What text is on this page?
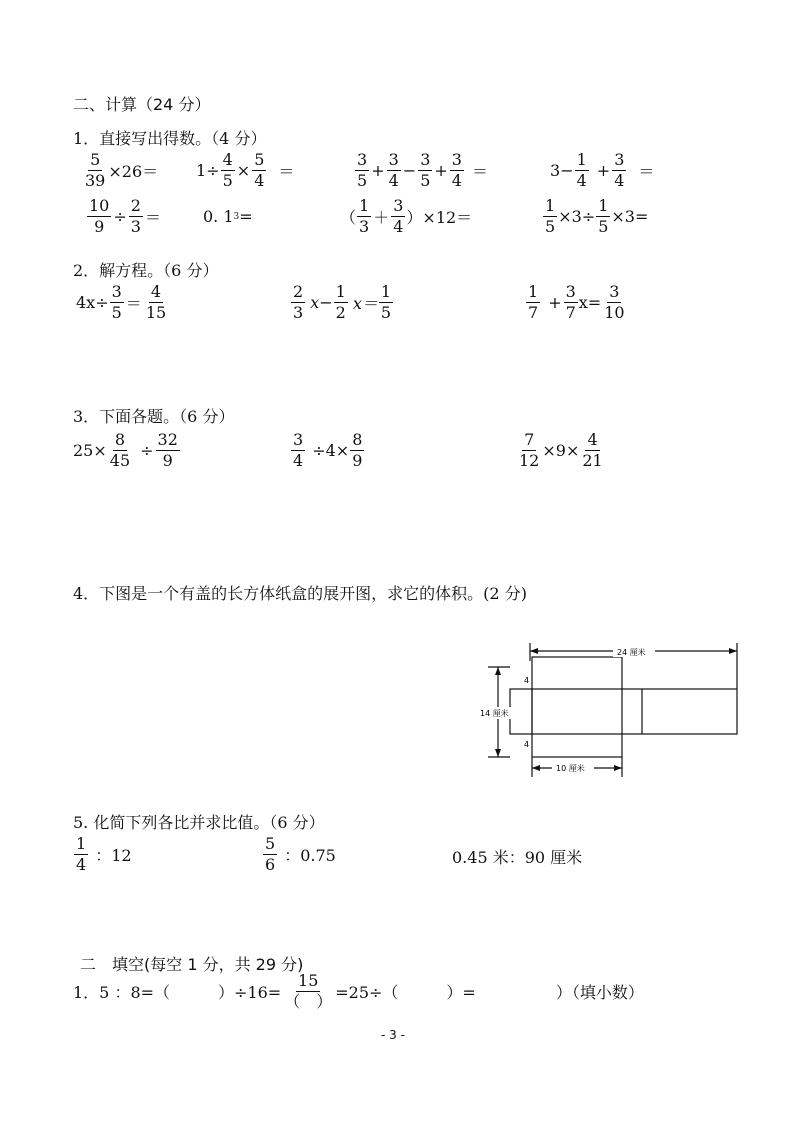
二、计算（24 分）
1．直接写出得数。（4 分）
$\frac{5}{39} \times 26= 1\div \frac{4}{5} \times \frac{5}{4}$ ＝	$\frac{3}{5} + \frac{3}{4} - \frac{3}{5} + \frac{3}{4}$ ＝	$3- \frac{1}{4} + \frac{3}{4}$ ＝
$\frac{10}{9} \div \frac{2}{3}$ ＝	0. 1 3 =	（ $\frac{1}{3} + \frac{3}{4} )\times 12=$	$\frac{1}{5} \times 3\div \frac{1}{5} \times 3=$
2．解方程。（6 分）
$4x\div \frac{3}{5} = \frac{4}{15}$	$\frac{2}{3} x- \frac{1}{2} x= \frac{1}{5}$	$\frac{1}{7} + \frac{3}{7} x= \frac{3}{10}$
3．下面各题。（6 分）
$25\times \frac{8}{45} \div \frac{32}{9}$	$\frac{3}{4} \div 4\times \frac{8}{9}$	$\frac{7}{12} \times 9\times \frac{4}{21}$
4．下图是一个有盖的长方体纸盒的展开图，求它的体积。(2 分)
24 厘米
14 厘米
10 厘米
4
4
5. 化简下列各比并求比值。（6 分）
$\frac{1}{4}$ ：12	$\frac{5}{6}$ ：0.75	0.45 米：90 厘米
二　填空(每空 1 分，共 29 分)
1．5 ：8=（　　　）$\div 16= \frac{15}{( )} =25\div$（　　　）=　　　　　）（填小数）
- 3 -
